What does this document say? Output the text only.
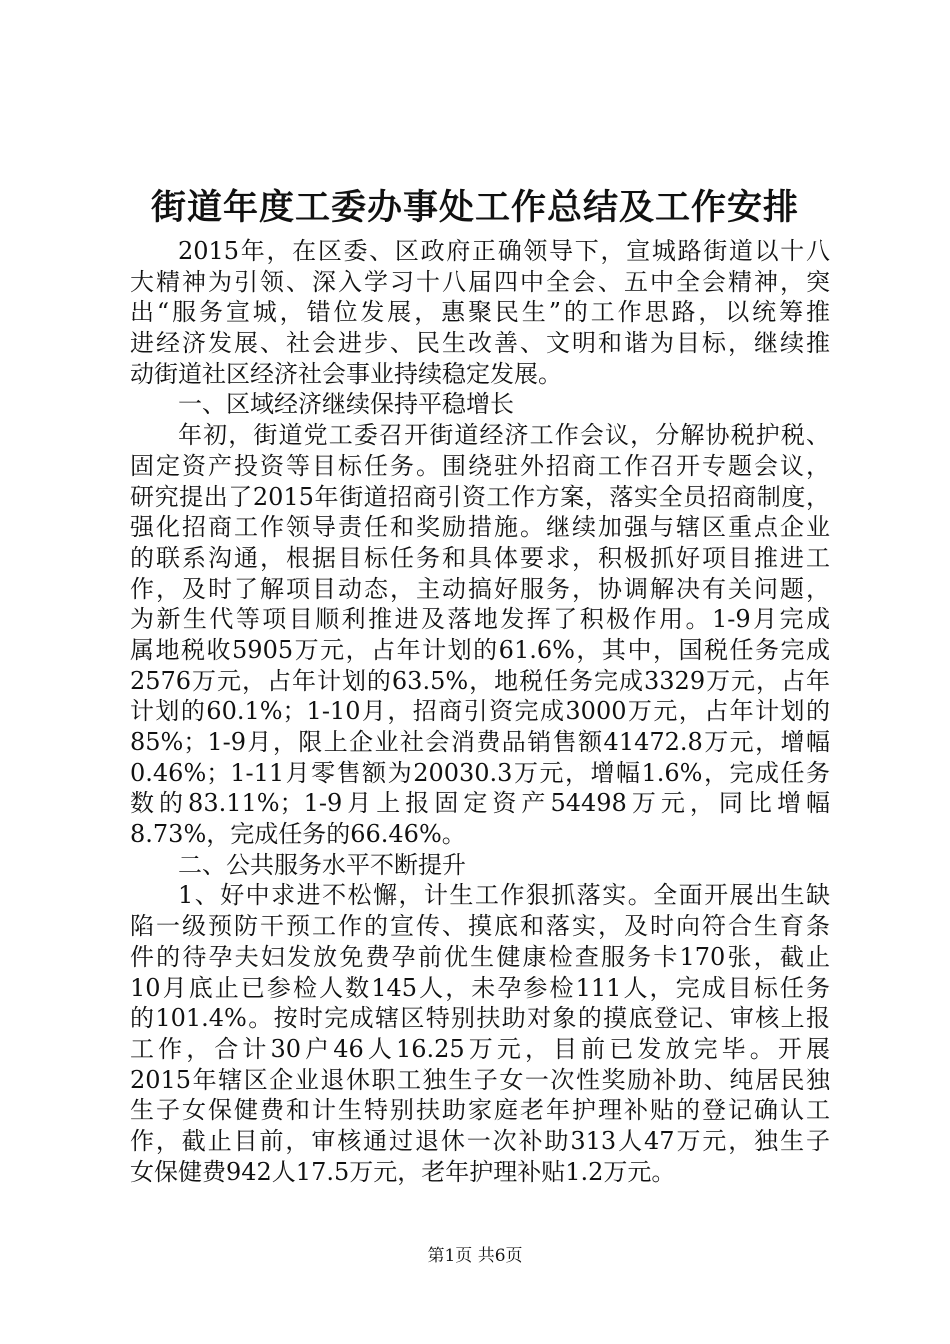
街道年度工委办事处工作总结及工作安排
2015年，在区委、区政府正确领导下，宣城路街道以十八
大精神为引领、深入学习十八届四中全会、五中全会精神，突
出“服务宣城，错位发展，惠聚民生”的工作思路，以统筹推
进经济发展、社会进步、民生改善、文明和谐为目标，继续推
动街道社区经济社会事业持续稳定发展。
一、区域经济继续保持平稳增长
年初，街道党工委召开街道经济工作会议，分解协税护税、
固定资产投资等目标任务。围绕驻外招商工作召开专题会议，
研究提出了2015年街道招商引资工作方案，落实全员招商制度，
强化招商工作领导责任和奖励措施。继续加强与辖区重点企业
的联系沟通，根据目标任务和具体要求，积极抓好项目推进工
作，及时了解项目动态，主动搞好服务，协调解决有关问题，
为新生代等项目顺利推进及落地发挥了积极作用。1-9月完成
属地税收5905万元，占年计划的61.6%，其中，国税任务完成
2576万元，占年计划的63.5%，地税任务完成3329万元，占年
计划的60.1%；1-10月，招商引资完成3000万元，占年计划的
85%；1-9月，限上企业社会消费品销售额41472.8万元，增幅
0.46%；1-11月零售额为20030.3万元，增幅1.6%，完成任务
数的83.11%；1-9月上报固定资产54498万元，同比增幅
8.73%，完成任务的66.46%。
二、公共服务水平不断提升
1、好中求进不松懈，计生工作狠抓落实。全面开展出生缺
陷一级预防干预工作的宣传、摸底和落实，及时向符合生育条
件的待孕夫妇发放免费孕前优生健康检查服务卡170张，截止
10月底止已参检人数145人，未孕参检111人，完成目标任务
的101.4%。按时完成辖区特别扶助对象的摸底登记、审核上报
工作，合计30户46人16.25万元，目前已发放完毕。开展
2015年辖区企业退休职工独生子女一次性奖励补助、纯居民独
生子女保健费和计生特别扶助家庭老年护理补贴的登记确认工
作，截止目前，审核通过退休一次补助313人47万元，独生子
女保健费942人17.5万元，老年护理补贴1.2万元。
第1页 共6页
